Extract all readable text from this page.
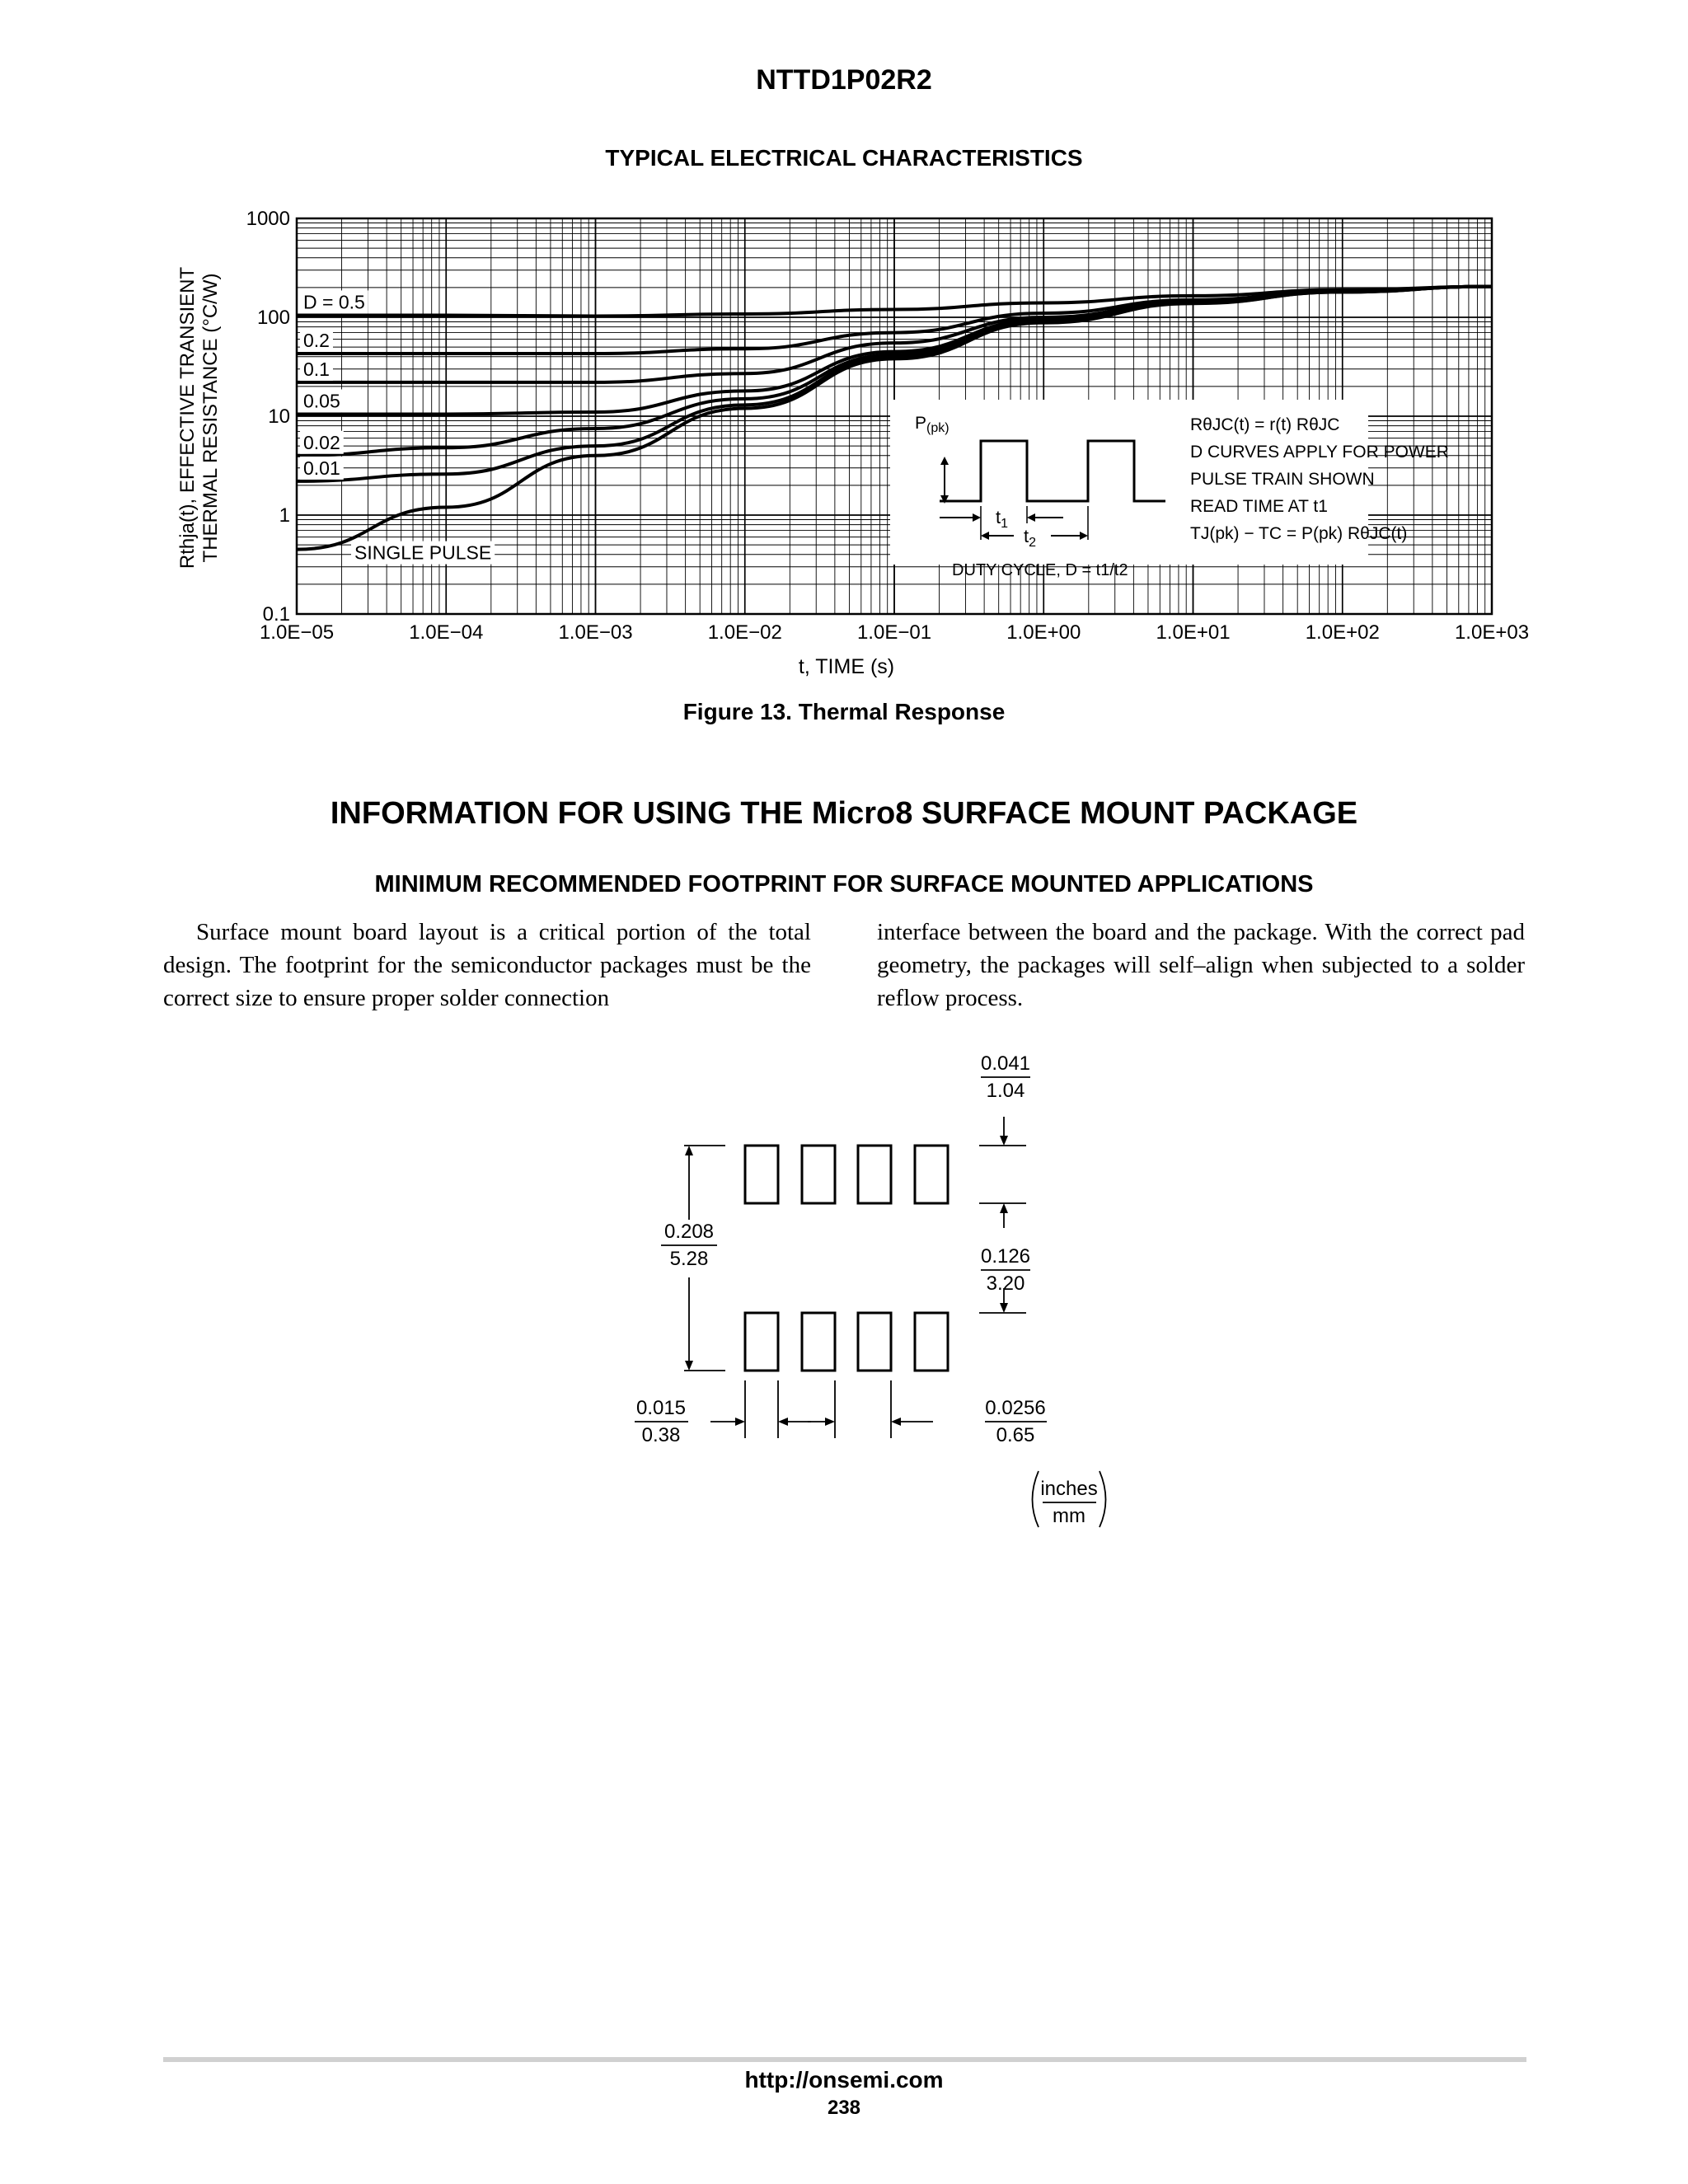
NTTD1P02R2
TYPICAL ELECTRICAL CHARACTERISTICS
D = 0.5
0.2
0.1
0.05
0.02
0.01
SINGLE PULSE
1.0E−05	1.0E−04	1.0E−03	1.0E−02	1.0E−01	1.0E+00	1.0E+01	1.0E+02	1.0E+03
0.1
1
10
100
1000
Rthja(t), EFFECTIVE TRANSIENT THERMAL RESISTANCE (°C/W)
t, TIME (s)
P(pk)
$t_1$
$t_2$
DUTY CYCLE, D = t1/t2
RθJC(t) = r(t) RθJC
D CURVES APPLY FOR POWER
PULSE TRAIN SHOWN
READ TIME AT t1
TJ(pk) − TC = P(pk) RθJC(t)
Figure 13. Thermal Response
INFORMATION FOR USING THE Micro8 SURFACE MOUNT PACKAGE
MINIMUM RECOMMENDED FOOTPRINT FOR SURFACE MOUNTED APPLICATIONS
Surface mount board layout is a critical portion of the total design. The footprint for the semiconductor packages must be the correct size to ensure proper solder connection
interface between the board and the package. With the correct pad geometry, the packages will self–align when subjected to a solder reflow process.
0.208
5.28
0.041
1.04
0.126
3.20
0.015
0.38
0.0256
0.65
inches
mm
http://onsemi.com
238
